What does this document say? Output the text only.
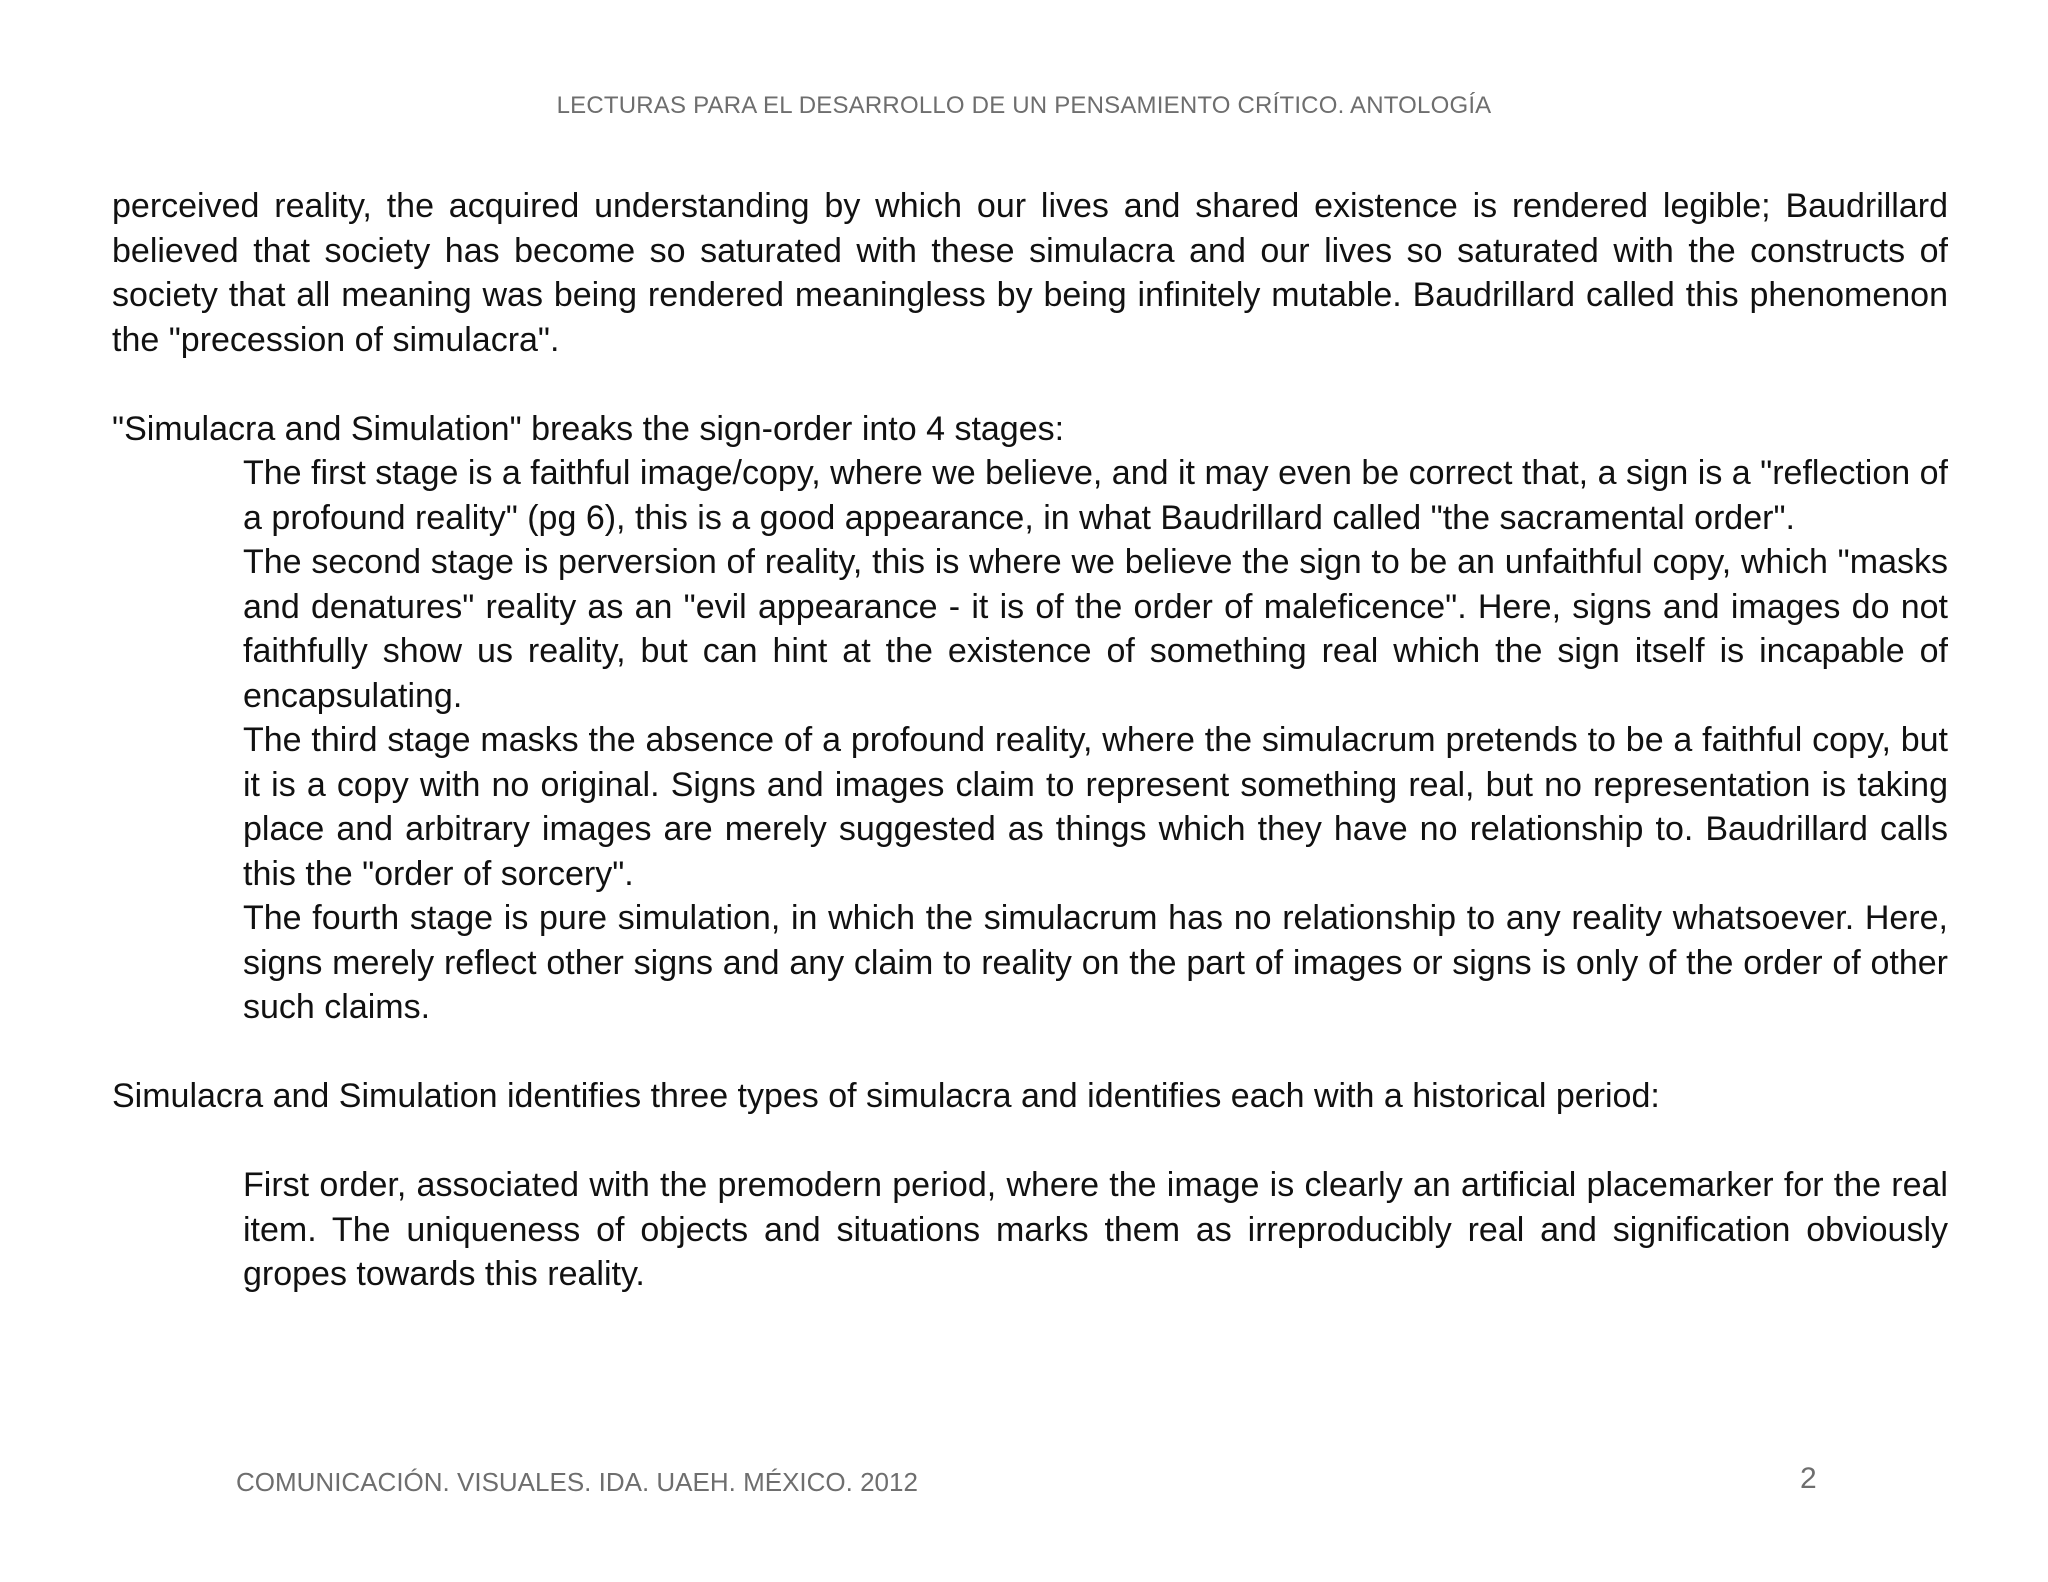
LECTURAS PARA EL DESARROLLO DE UN PENSAMIENTO CRÍTICO. ANTOLOGÍA

perceived reality, the acquired understanding by which our lives and shared existence is rendered legible; Baudrillard believed that society has become so saturated with these simulacra and our lives so saturated with the constructs of society that all meaning was being rendered meaningless by being infinitely mutable. Baudrillard called this phenomenon the "precession of simulacra".

"Simulacra and Simulation" breaks the sign-order into 4 stages:

The first stage is a faithful image/copy, where we believe, and it may even be correct that, a sign is a "reflection of a profound reality" (pg 6), this is a good appearance, in what Baudrillard called "the sacramental order".

The second stage is perversion of reality, this is where we believe the sign to be an unfaithful copy, which "masks and denatures" reality as an "evil appearance - it is of the order of maleficence". Here, signs and images do not faithfully show us reality, but can hint at the existence of something real which the sign itself is incapable of encapsulating.

The third stage masks the absence of a profound reality, where the simulacrum pretends to be a faithful copy, but it is a copy with no original. Signs and images claim to represent something real, but no representation is taking place and arbitrary images are merely suggested as things which they have no relationship to. Baudrillard calls this the "order of sorcery".

The fourth stage is pure simulation, in which the simulacrum has no relationship to any reality whatsoever. Here, signs merely reflect other signs and any claim to reality on the part of images or signs is only of the order of other such claims.

Simulacra and Simulation identifies three types of simulacra and identifies each with a historical period:

First order, associated with the premodern period, where the image is clearly an artificial placemarker for the real item. The uniqueness of objects and situations marks them as irreproducibly real and signification obviously gropes towards this reality.

COMUNICACIÓN. VISUALES. IDA. UAEH. MÉXICO. 2012	2
